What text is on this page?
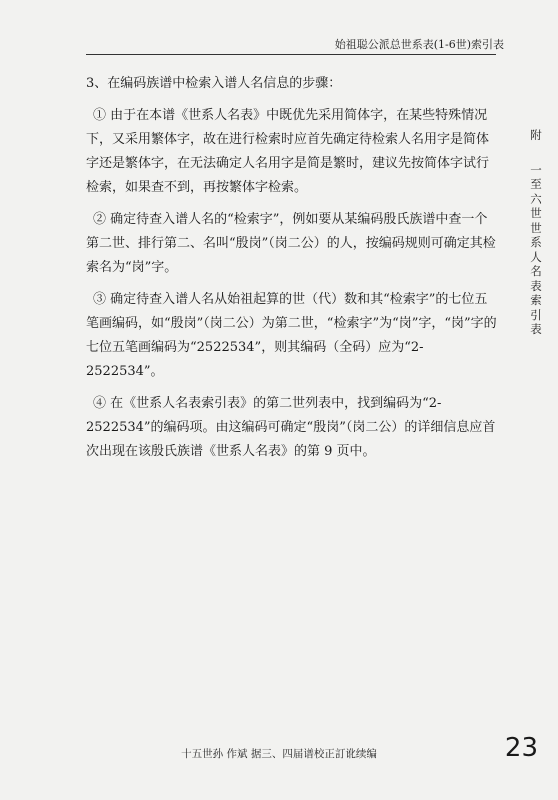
始祖聪公派总世系表(1-6世)索引表
附
一至六世世系人名表索引表

3、在编码族谱中检索入谱人名信息的步骤：

① 由于在本谱《世系人名表》中既优先采用简体字，在某些特殊情况下，又采用繁体字，故在进行检索时应首先确定待检索人名用字是简体字还是繁体字，在无法确定人名用字是简是繁时，建议先按简体字试行检索，如果查不到，再按繁体字检索。

② 确定待查入谱人名的“检索字”，例如要从某编码殷氏族谱中查一个第二世、排行第二、名叫“殷岗”（岗二公）的人，按编码规则可确定其检索名为“岗”字。

③ 确定待查入谱人名从始祖起算的世（代）数和其“检索字”的七位五笔画编码，如“殷岗”（岗二公）为第二世，“检索字”为“岗”字，“岗”字的七位五笔画编码为“2522534”，则其编码（全码）应为“2-2522534”。

④ 在《世系人名表索引表》的第二世列表中，找到编码为“2-2522534”的编码项。由这编码可确定“殷岗”（岗二公）的详细信息应首次出现在该殷氏族谱《世系人名表》的第 9 页中。

十五世孙 作斌 据三、四届谱校正訂讹续编	23
